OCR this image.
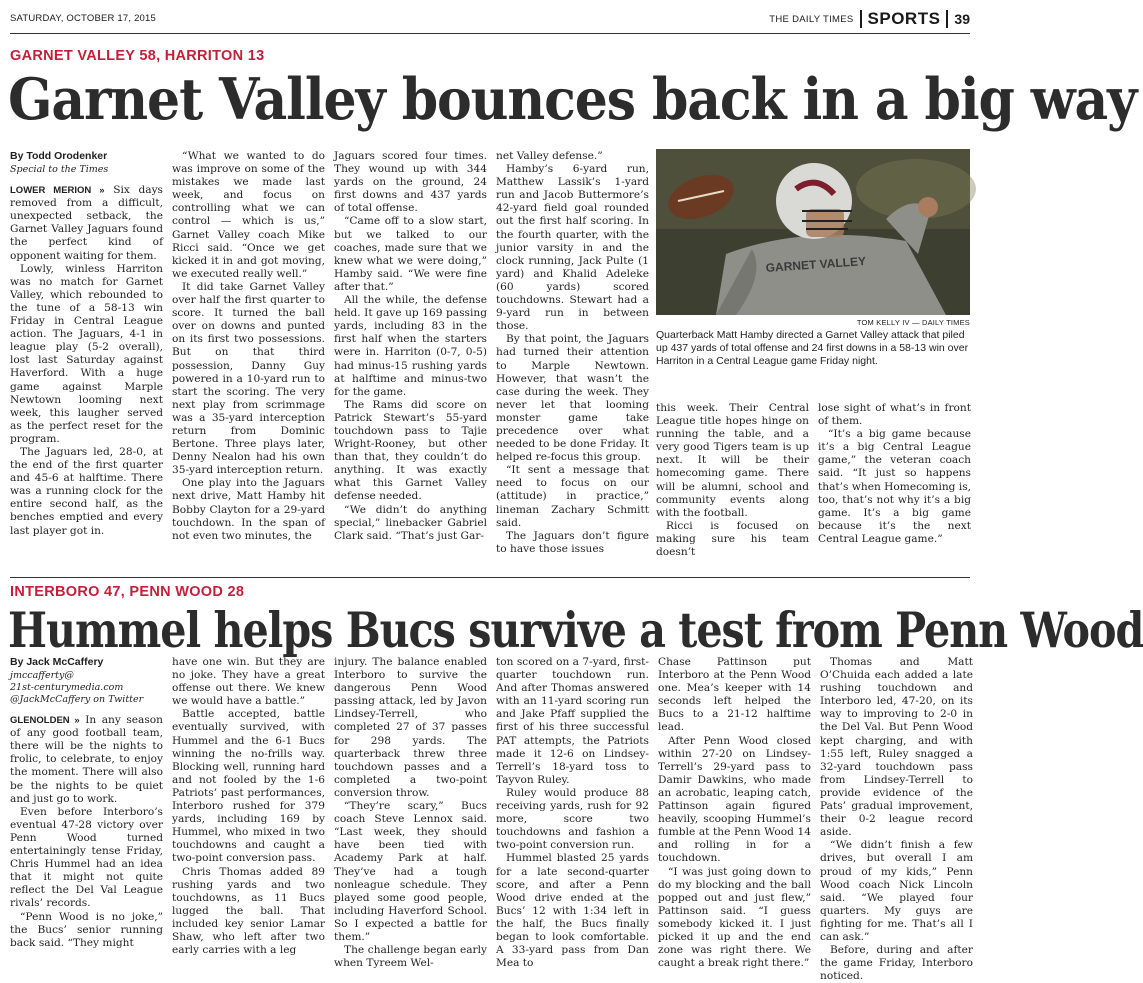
SATURDAY, OCTOBER 17, 2015	THE DAILY TIMES SPORTS	39
GARNET VALLEY 58, HARRITON 13
Garnet Valley bounces back in a big way
By Todd Orodenker
Special to the Times

LOWER MERION » Six days removed from a difficult, unexpected setback, the Garnet Valley Jaguars found the perfect kind of opponent waiting for them.

Lowly, winless Harriton was no match for Garnet Valley, which rebounded to the tune of a 58-13 win Friday in Central League action. The Jaguars, 4-1 in league play (5-2 overall), lost last Saturday against Haverford. With a huge game against Marple Newtown looming next week, this laugher served as the perfect reset for the program.

The Jaguars led, 28-0, at the end of the first quarter and 45-6 at halftime. There was a running clock for the entire second half, as the benches emptied and every last player got in.

“What we wanted to do was improve on some of the mistakes we made last week, and focus on controlling what we can control — which is us,” Garnet Valley coach Mike Ricci said. “Once we get kicked it in and got moving, we executed really well.”

It did take Garnet Valley over half the first quarter to score. It turned the ball over on downs and punted on its first two possessions. But on that third possession, Danny Guy powered in a 10-yard run to start the scoring. The very next play from scrimmage was a 35-yard interception return from Dominic Bertone. Three plays later, Denny Nealon had his own 35-yard interception return.

One play into the Jaguars next drive, Matt Hamby hit Bobby Clayton for a 29-yard touchdown. In the span of not even two minutes, the

Jaguars scored four times. They wound up with 344 yards on the ground, 24 first downs and 437 yards of total offense.

“Came off to a slow start, but we talked to our coaches, made sure that we knew what we were doing,” Hamby said. “We were fine after that.”

All the while, the defense held. It gave up 169 passing yards, including 83 in the first half when the starters were in. Harriton (0-7, 0-5) had minus-15 rushing yards at halftime and minus-two for the game.

The Rams did score on Patrick Stewart’s 55-yard touchdown pass to Tajie Wright-Rooney, but other than that, they couldn’t do anything. It was exactly what this Garnet Valley defense needed.

“We didn’t do anything special,” linebacker Gabriel Clark said. “That’s just Gar-

net Valley defense.”

Hamby’s 6-yard run, Matthew Lassik’s 1-yard run and Jacob Buttermore’s 42-yard field goal rounded out the first half scoring. In the fourth quarter, with the junior varsity in and the clock running, Jack Pulte (1 yard) and Khalid Adeleke (60 yards) scored touchdowns. Stewart had a 9-yard run in between those.

By that point, the Jaguars had turned their attention to Marple Newtown. However, that wasn’t the case during the week. They never let that looming monster game take precedence over what needed to be done Friday. It helped re-focus this group.

“It sent a message that need to focus on our (attitude) in practice,” lineman Zachary Schmitt said.

The Jaguars don’t figure to have those issues

GARNET VALLEY
TOM KELLY IV — DAILY TIMES
Quarterback Matt Hamby directed a Garnet Valley attack that piled up 437 yards of total offense and 24 first downs in a 58-13 win over Harriton in a Central League game Friday night.

this week. Their Central League title hopes hinge on running the table, and a very good Tigers team is up next. It will be their homecoming game. There will be alumni, school and community events along with the football.

Ricci is focused on making sure his team doesn’t

lose sight of what’s in front of them.

“It’s a big game because it’s a big Central League game,” the veteran coach said. “It just so happens that’s when Homecoming is, too, that’s not why it’s a big game. It’s a big game because it’s the next Central League game.”

INTERBORO 47, PENN WOOD 28
Hummel helps Bucs survive a test from Penn Wood
By Jack McCaffery
jmccafferty@
21st-centurymedia.com
@JackMcCaffery on Twitter

GLENOLDEN » In any season of any good football team, there will be the nights to frolic, to celebrate, to enjoy the moment. There will also be the nights to be quiet and just go to work.

Even before Interboro’s eventual 47-28 victory over Penn Wood turned entertainingly tense Friday, Chris Hummel had an idea that it might not quite reflect the Del Val League rivals’ records.

“Penn Wood is no joke,” the Bucs’ senior running back said. “They might

have one win. But they are no joke. They have a great offense out there. We knew we would have a battle.”

Battle accepted, battle eventually survived, with Hummel and the 6-1 Bucs winning the no-frills way. Blocking well, running hard and not fooled by the 1-6 Patriots’ past performances, Interboro rushed for 379 yards, including 169 by Hummel, who mixed in two touchdowns and caught a two-point conversion pass.

Chris Thomas added 89 rushing yards and two touchdowns, as 11 Bucs lugged the ball. That included key senior Lamar Shaw, who left after two early carries with a leg

injury. The balance enabled Interboro to survive the dangerous Penn Wood passing attack, led by Javon Lindsey-Terrell, who completed 27 of 37 passes for 298 yards. The quarterback threw three touchdown passes and a completed a two-point conversion throw.

“They’re scary,” Bucs coach Steve Lennox said. “Last week, they should have been tied with Academy Park at half. They’ve had a tough nonleague schedule. They played some good people, including Haverford School. So I expected a battle for them.”

The challenge began early when Tyreem Wel-

ton scored on a 7-yard, first-quarter touchdown run. And after Thomas answered with an 11-yard scoring run and Jake Pfaff supplied the first of his three successful PAT attempts, the Patriots made it 12-6 on Lindsey-Terrell’s 18-yard toss to Tayvon Ruley.

Ruley would produce 88 receiving yards, rush for 92 more, score two touchdowns and fashion a two-point conversion run.

Hummel blasted 25 yards for a late second-quarter score, and after a Penn Wood drive ended at the Bucs’ 12 with 1:34 left in the half, the Bucs finally began to look comfortable. A 33-yard pass from Dan Mea to

Chase Pattinson put Interboro at the Penn Wood one. Mea’s keeper with 14 seconds left helped the Bucs to a 21-12 halftime lead.

After Penn Wood closed within 27-20 on Lindsey-Terrell’s 29-yard pass to Damir Dawkins, who made an acrobatic, leaping catch, Pattinson again figured heavily, scooping Hummel’s fumble at the Penn Wood 14 and rolling in for a touchdown.

“I was just going down to do my blocking and the ball popped out and just flew,” Pattinson said. “I guess somebody kicked it. I just picked it up and the end zone was right there. We caught a break right there.”

Thomas and Matt O’Chuida each added a late rushing touchdown and Interboro led, 47-20, on its way to improving to 2-0 in the Del Val. But Penn Wood kept charging, and with 1:55 left, Ruley snagged a 32-yard touchdown pass from Lindsey-Terrell to provide evidence of the Pats’ gradual improvement, their 0-2 league record aside.

“We didn’t finish a few drives, but overall I am proud of my kids,” Penn Wood coach Nick Lincoln said. “We played four quarters. My guys are fighting for me. That’s all I can ask.”

Before, during and after the game Friday, Interboro noticed.
